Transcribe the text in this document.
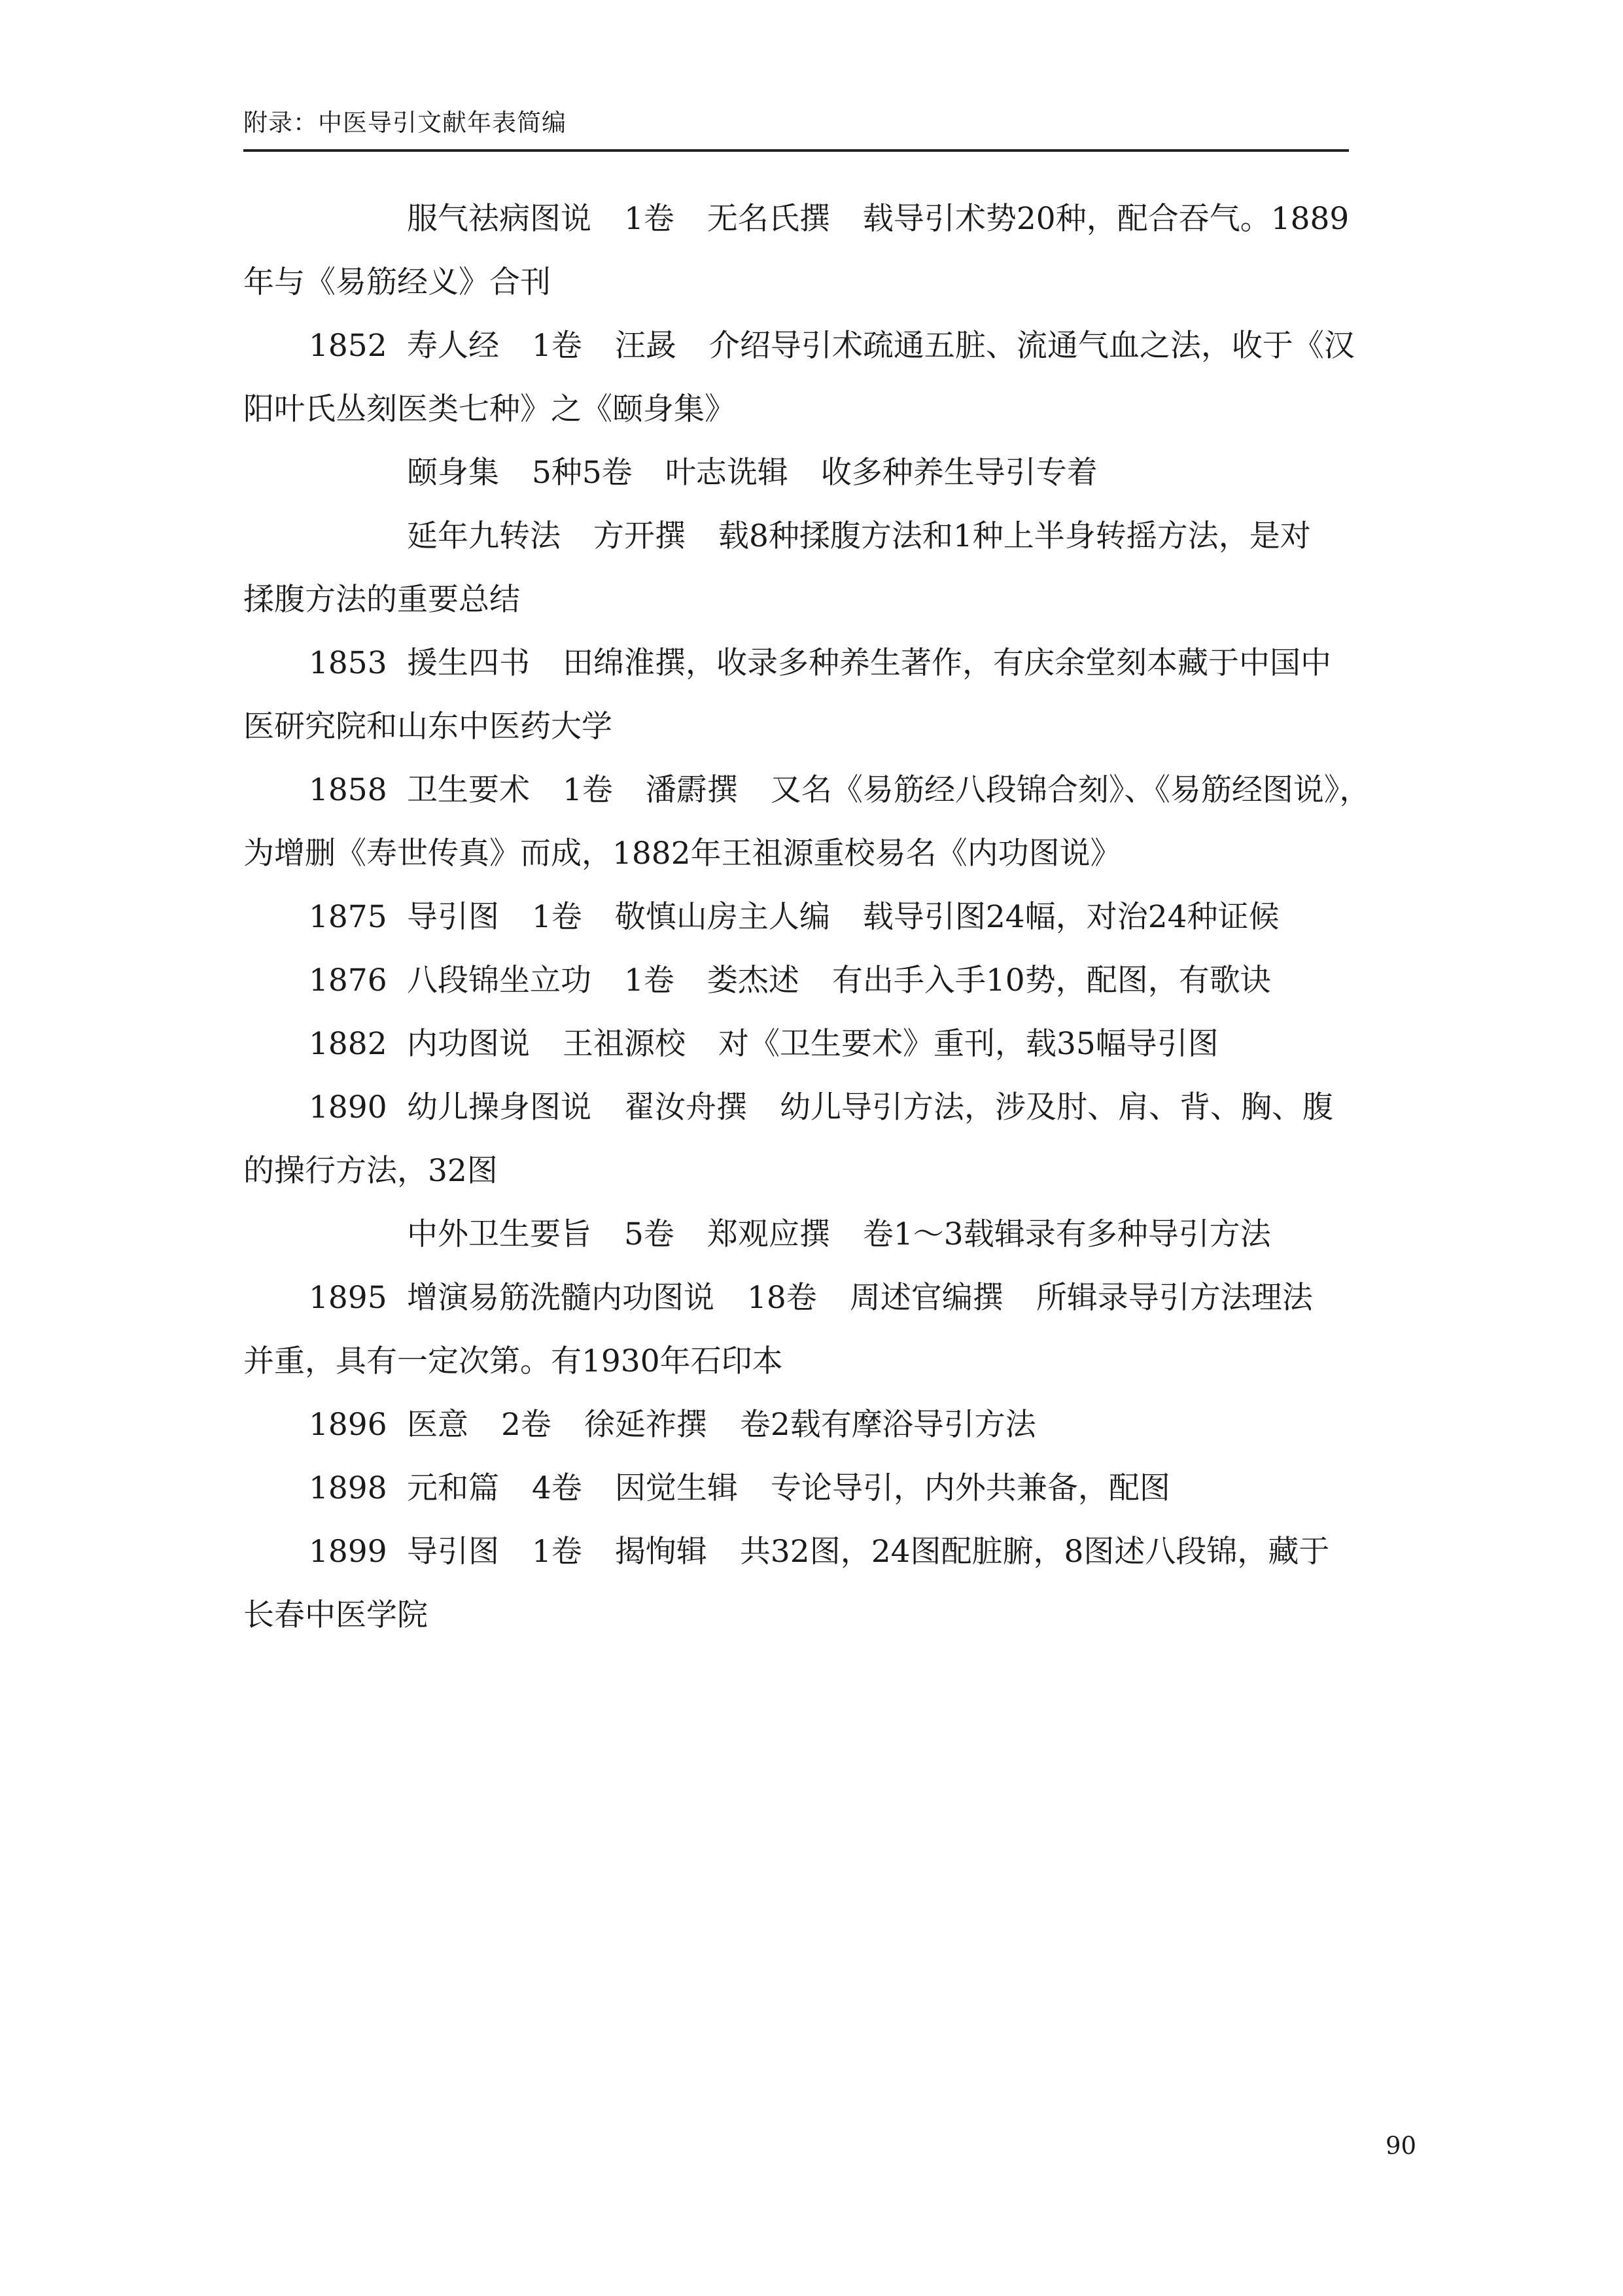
附录：中医导引文献年表简编
服气祛病图说 1卷 无名氏撰 载导引术势20种，配合吞气。1889
年与《易筋经义》合刊
1852 寿人经 1卷 汪晸 介绍导引术疏通五脏、流通气血之法，收于《汉
阳叶氏丛刻医类七种》之《颐身集》
颐身集 5种5卷 叶志诜辑 收多种养生导引专着
延年九转法 方开撰 载8种揉腹方法和1种上半身转摇方法，是对
揉腹方法的重要总结
1853 援生四书 田绵淮撰，收录多种养生著作，有庆余堂刻本藏于中国中
医研究院和山东中医药大学
1858 卫生要术 1卷 潘霨撰 又名《易筋经八段锦合刻》、《易筋经图说》，
为增删《寿世传真》而成，1882年王祖源重校易名《内功图说》
1875 导引图 1卷 敬慎山房主人编 载导引图24幅，对治24种证候
1876 八段锦坐立功 1卷 娄杰述 有出手入手10势，配图，有歌诀
1882 内功图说 王祖源校 对《卫生要术》重刊，载35幅导引图
1890 幼儿操身图说 翟汝舟撰 幼儿导引方法，涉及肘、肩、背、胸、腹
的操行方法，32图
中外卫生要旨 5卷 郑观应撰 卷1～3载辑录有多种导引方法
1895 增演易筋洗髓内功图说 18卷 周述官编撰 所辑录导引方法理法
并重，具有一定次第。有1930年石印本
1896 医意 2卷 徐延祚撰 卷2载有摩浴导引方法
1898 元和篇 4卷 因觉生辑 专论导引，内外共兼备，配图
1899 导引图 1卷 揭恂辑 共32图，24图配脏腑，8图述八段锦，藏于
长春中医学院
90
